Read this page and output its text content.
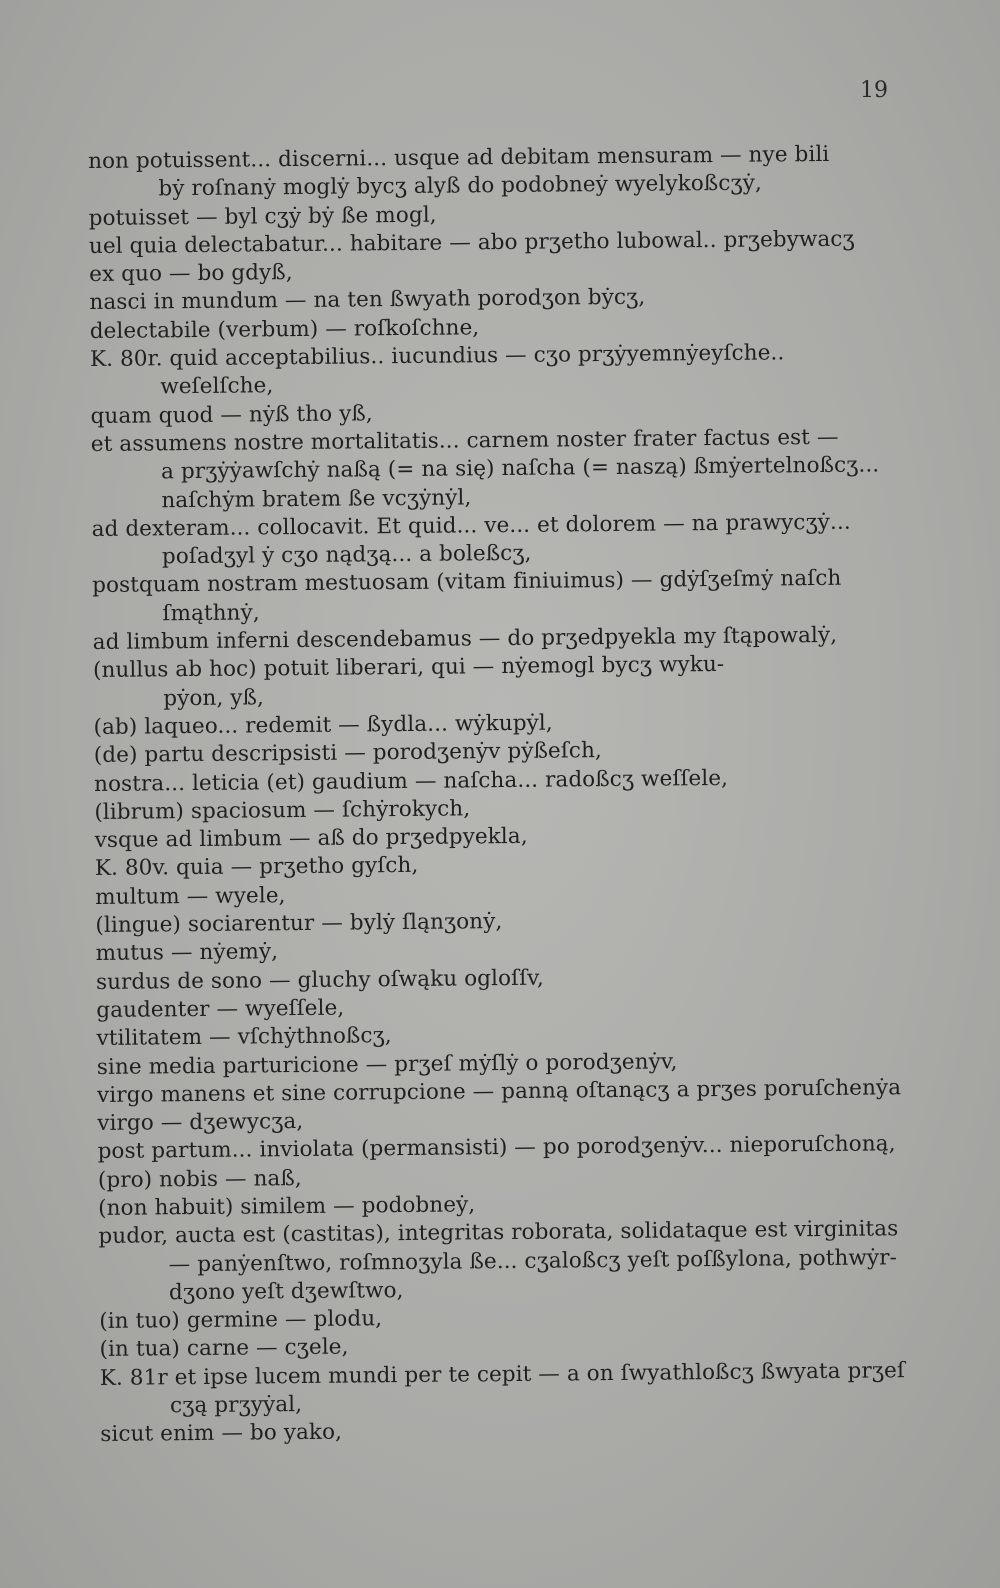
19
non potuissent... discerni... usque ad debitam mensuram — nye bili
bẏ roſnanẏ moglẏ bycʒ alyß do podobneẏ wyelykoßcʒẏ,
potuisset — byl cʒẏ bẏ ße mogl,
uel quia delectabatur... habitare — abo prʒetho lubowal.. prʒebywacʒ
ex quo — bo gdyß,
nasci in mundum — na ten ßwyath porodʒon bẏcʒ,
delectabile (verbum) — roſkoſchne,
K. 80r. quid acceptabilius.. iucundius — cʒo prʒẏyemnẏeyſche..
weſelſche,
quam quod — nẏß tho yß,
et assumens nostre mortalitatis... carnem noster frater factus est —
a prʒẏẏawſchẏ naßą (= na się) naſcha (= naszą) ßmẏertelnoßcʒ...
naſchẏm bratem ße vcʒẏnẏl,
ad dexteram... collocavit. Et quid... ve... et dolorem — na prawycʒẏ...
poſadʒyl ẏ cʒo nądʒą... a boleßcʒ,
postquam nostram mestuosam (vitam finiuimus) — gdẏſʒeſmẏ naſch
ſmąthnẏ,
ad limbum inferni descendebamus — do prʒedpyekla my ſtąpowalẏ,
(nullus ab hoc) potuit liberari, qui — nẏemogl bycʒ wyku-
pẏon, yß,
(ab) laqueo... redemit — ßydla... wẏkupẏl,
(de) partu descripsisti — porodʒenẏv pẏßeſch,
nostra... leticia (et) gaudium — naſcha... radoßcʒ weſſele,
(librum) spaciosum — ſchẏrokych,
vsque ad limbum — aß do prʒedpyekla,
K. 80v. quia — prʒetho gyſch,
multum — wyele,
(lingue) sociarentur — bylẏ ſląnʒonẏ,
mutus — nẏemẏ,
surdus de sono — gluchy oſwąku oglοſſv,
gaudenter — wyeſſele,
vtilitatem — vſchẏthnoßcʒ,
sine media parturicione — prʒeſ mẏſlẏ o porodʒenẏv,
virgo manens et sine corrupcione — panną oſtanącʒ a prʒes poruſchenẏa
virgo — dʒewycʒa,
post partum... inviolata (permansisti) — po porodʒenẏv... nieporuſchoną,
(pro) nobis — naß,
(non habuit) similem — podobneẏ,
pudor, aucta est (castitas), integritas roborata, solidataque est virginitas
— panẏenſtwo, roſmnoʒyla ße... cʒaloßcʒ yeſt poſßylona, pothwẏr-
dʒono yeſt dʒewſtwo,
(in tuo) germine — plodu,
(in tua) carne — cʒele,
K. 81r et ipse lucem mundi per te cepit — a on ſwyathloßcʒ ßwyata prʒeſ
cʒą prʒyẏal,
sicut enim — bo yako,
